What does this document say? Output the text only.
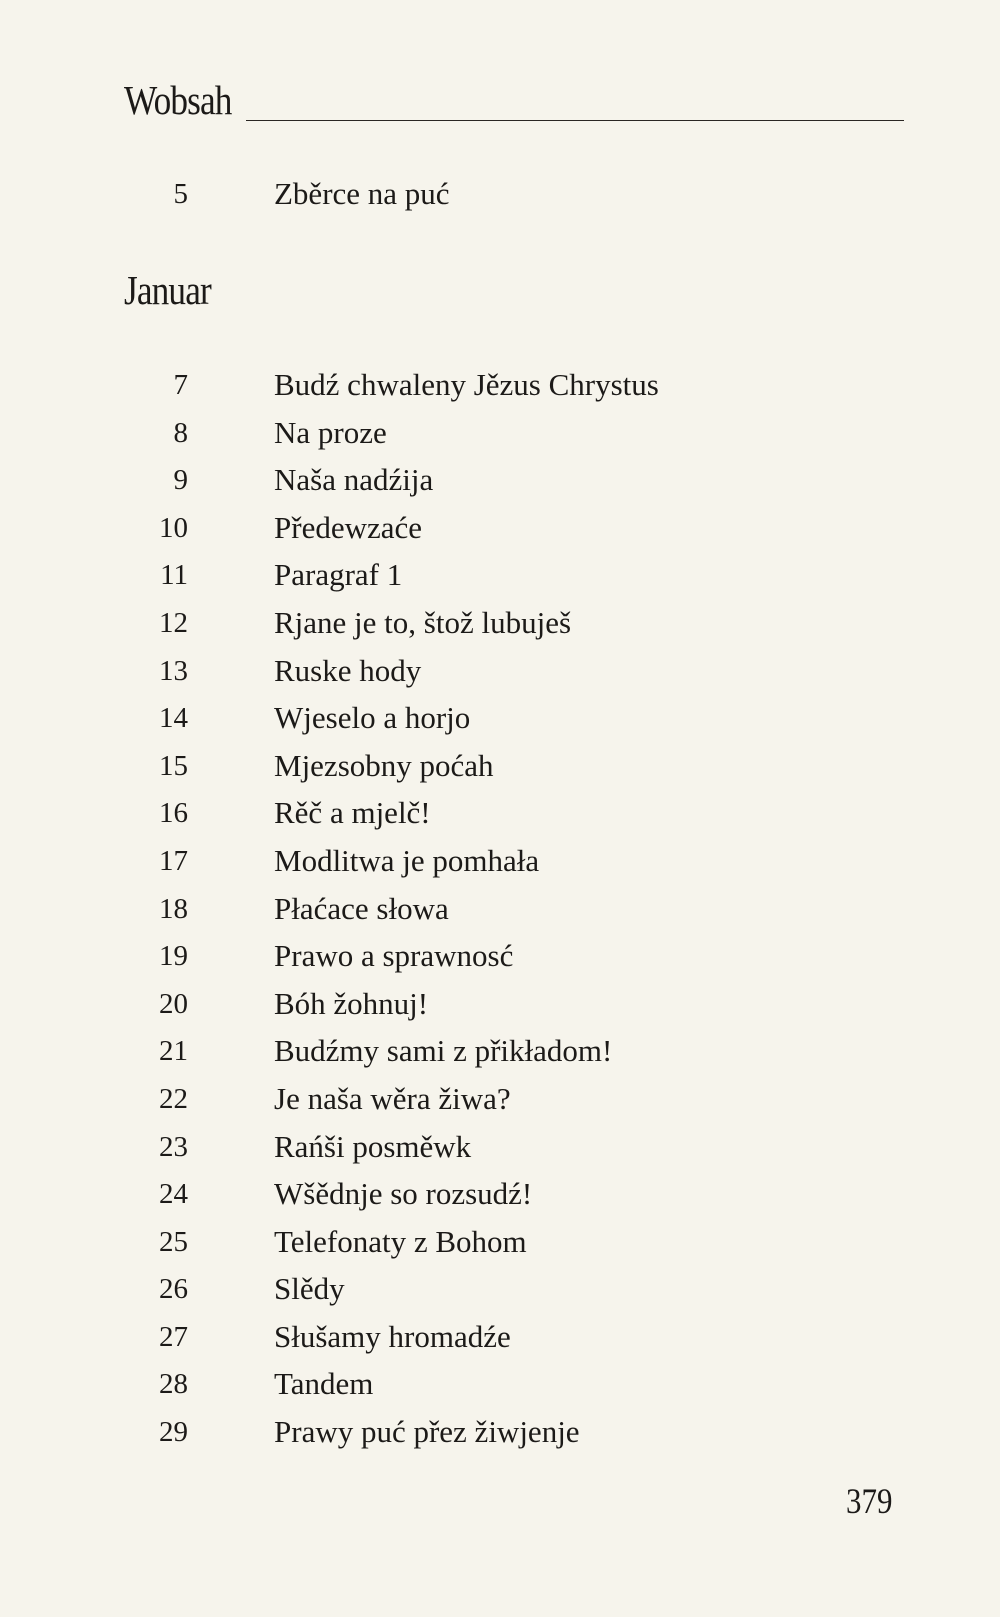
Wobsah
5	Zběrce na puć
Januar
7	Budź chwaleny Jězus Chrystus
8	Na proze
9	Naša nadźija
10	Předewzaće
11	Paragraf 1
12	Rjane je to, štož lubuješ
13	Ruske hody
14	Wjeselo a horjo
15	Mjezsobny poćah
16	Rěč a mjelč!
17	Modlitwa je pomhała
18	Płaćace słowa
19	Prawo a sprawnosć
20	Bóh žohnuj!
21	Budźmy sami z přikładom!
22	Je naša wěra žiwa?
23	Rańši posměwk
24	Wšědnje so rozsudź!
25	Telefonaty z Bohom
26	Slědy
27	Słušamy hromadźe
28	Tandem
29	Prawy puć přez žiwjenje
379
